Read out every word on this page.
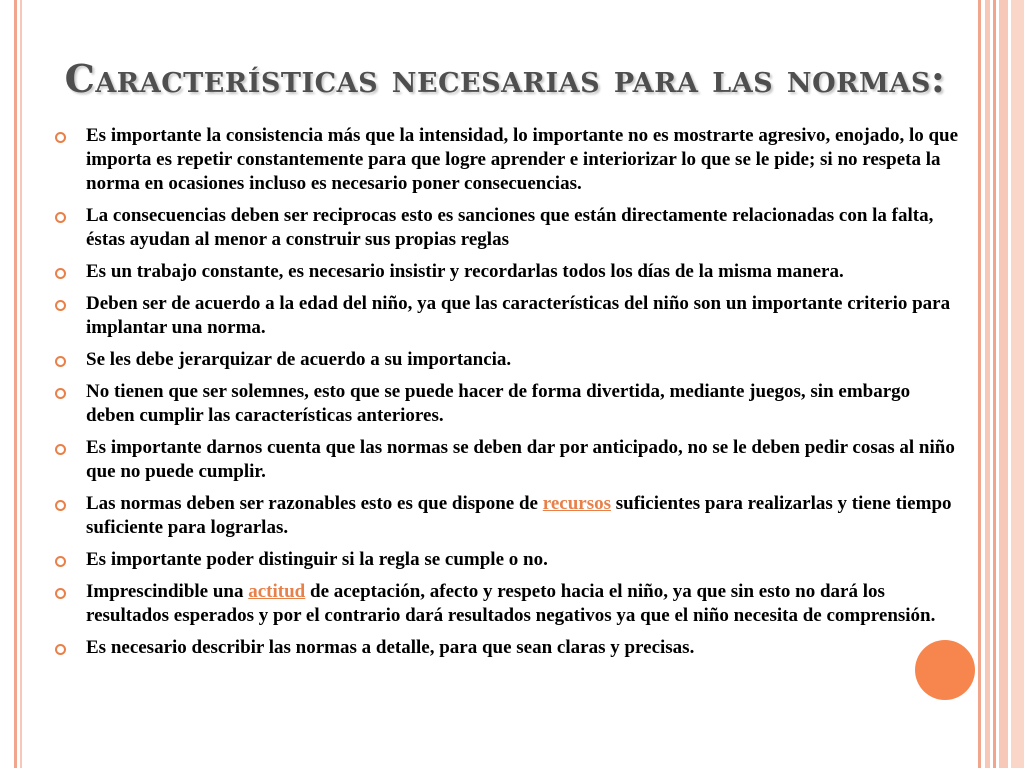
Características necesarias para las normas:
Es importante la consistencia más que la intensidad, lo importante no es mostrarte agresivo, enojado, lo que importa es repetir constantemente para que logre aprender e interiorizar lo que se le pide; si no respeta la norma en ocasiones incluso es necesario poner consecuencias.
La consecuencias deben ser reciprocas esto es sanciones que están directamente relacionadas con la falta, éstas ayudan al menor a construir sus propias reglas
Es un trabajo constante, es necesario insistir y recordarlas todos los días de la misma manera.
Deben ser de acuerdo a la edad del niño, ya que las características del niño son un importante criterio para implantar una norma.
Se les debe jerarquizar de acuerdo a su importancia.
No tienen que ser solemnes, esto que se puede hacer de forma divertida, mediante juegos, sin embargo deben cumplir las características anteriores.
Es importante darnos cuenta que las normas se deben dar por anticipado, no se le deben pedir cosas al niño que no puede cumplir.
Las normas deben ser razonables esto es que dispone de recursos suficientes para realizarlas y tiene tiempo suficiente para lograrlas.
Es importante poder distinguir si la regla se cumple o no.
Imprescindible una actitud de aceptación, afecto y respeto hacia el niño, ya que sin esto no dará los resultados esperados y por el contrario dará resultados negativos ya que el niño necesita de comprensión.
Es necesario describir las normas a detalle, para que sean claras y precisas.
